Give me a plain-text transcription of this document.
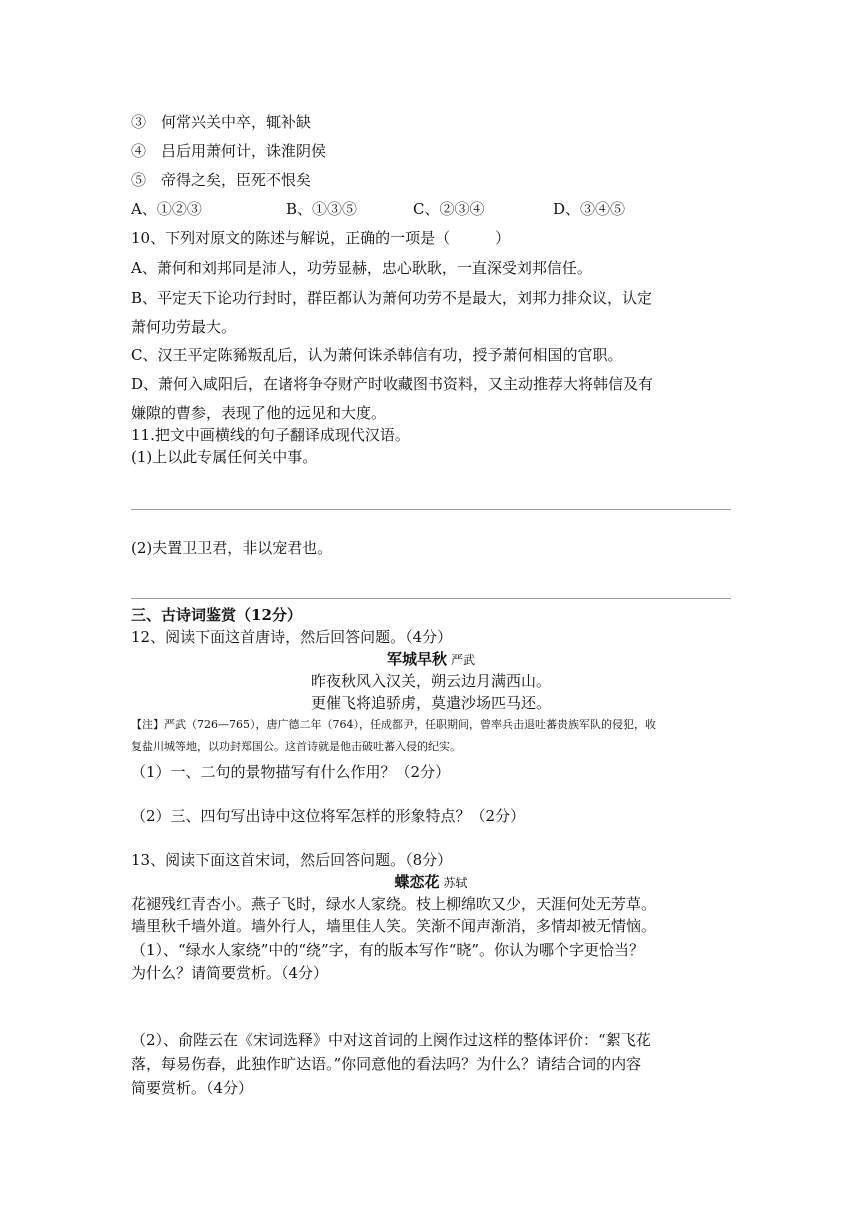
③　何常兴关中卒，辄补缺
④　吕后用萧何计，诛淮阴侯
⑤　帝得之矣，臣死不恨矣
A、①②③	B、①③⑤	C、②③④	D、③④⑤
10、下列对原文的陈述与解说，正确的一项是（　　　）
A、萧何和刘邦同是沛人，功劳显赫，忠心耿耿，一直深受刘邦信任。
B、平定天下论功行封时，群臣都认为萧何功劳不是最大，刘邦力排众议，认定
萧何功劳最大。
C、汉王平定陈豨叛乱后，认为萧何诛杀韩信有功，授予萧何相国的官职。
D、萧何入咸阳后，在诸将争夺财产时收藏图书资料，又主动推荐大将韩信及有
嫌隙的曹参，表现了他的远见和大度。
11.把文中画横线的句子翻译成现代汉语。
(1)上以此专属任何关中事。
(2)夫置卫卫君，非以宠君也。
三、古诗词鉴赏（12分）
12、阅读下面这首唐诗，然后回答问题。（4分）
军城早秋 严武
昨夜秋风入汉关，朔云边月满西山。
更催飞将追骄虏，莫遣沙场匹马还。
【注】严武（726—765），唐广德二年（764），任成都尹，任职期间，曾率兵击退吐蕃贵族军队的侵犯，收
复盐川城等地，以功封郑国公。这首诗就是他击破吐蕃入侵的纪实。
（1）一、二句的景物描写有什么作用？（2分）
（2）三、四句写出诗中这位将军怎样的形象特点？（2分）
13、阅读下面这首宋词，然后回答问题。（8分）
蝶恋花 苏轼
花褪残红青杏小。燕子飞时，绿水人家绕。枝上柳绵吹又少，天涯何处无芳草。
墙里秋千墙外道。墙外行人，墙里佳人笑。笑渐不闻声渐消，多情却被无情恼。
（1）、“绿水人家绕”中的“绕”字，有的版本写作“晓”。你认为哪个字更恰当？
为什么？请简要赏析。（4分）
（2）、俞陛云在《宋词选释》中对这首词的上阕作过这样的整体评价：“絮飞花
落，每易伤春，此独作旷达语。”你同意他的看法吗？为什么？请结合词的内容
简要赏析。（4分）
